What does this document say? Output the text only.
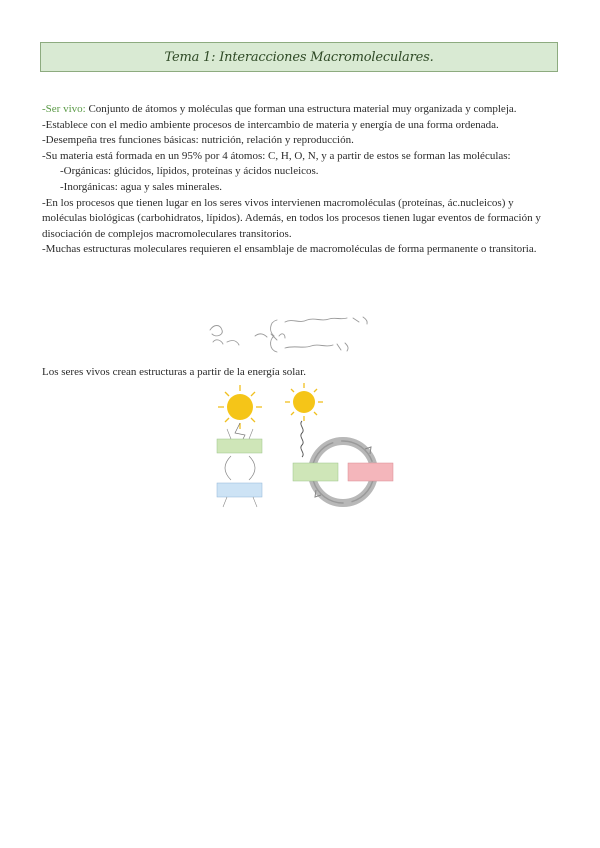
Tema 1: Interacciones Macromoleculares.

-Ser vivo: Conjunto de átomos y moléculas que forman una estructura material muy organizada y compleja.

-Establece con el medio ambiente procesos de intercambio de materia y energía de una forma ordenada.

-Desempeña tres funciones básicas: nutrición, relación y reproducción.

-Su materia está formada en un 95% por 4 átomos: C, H, O, N, y a partir de estos se forman las moléculas:

-Orgánicas: glúcidos, lípidos, proteínas y ácidos nucleicos.

-Inorgánicas: agua y sales minerales.

-En los procesos que tienen lugar en los seres vivos intervienen macromoléculas (proteínas, ác.nucleicos) y moléculas biológicas (carbohidratos, lípidos). Además, en todos los procesos tienen lugar eventos de formación y disociación de complejos macromoleculares transitorios.

-Muchas estructuras moleculares requieren el ensamblaje de macromoléculas de forma permanente o transitoria.

Los seres vivos crean estructuras a partir de la energía solar.
